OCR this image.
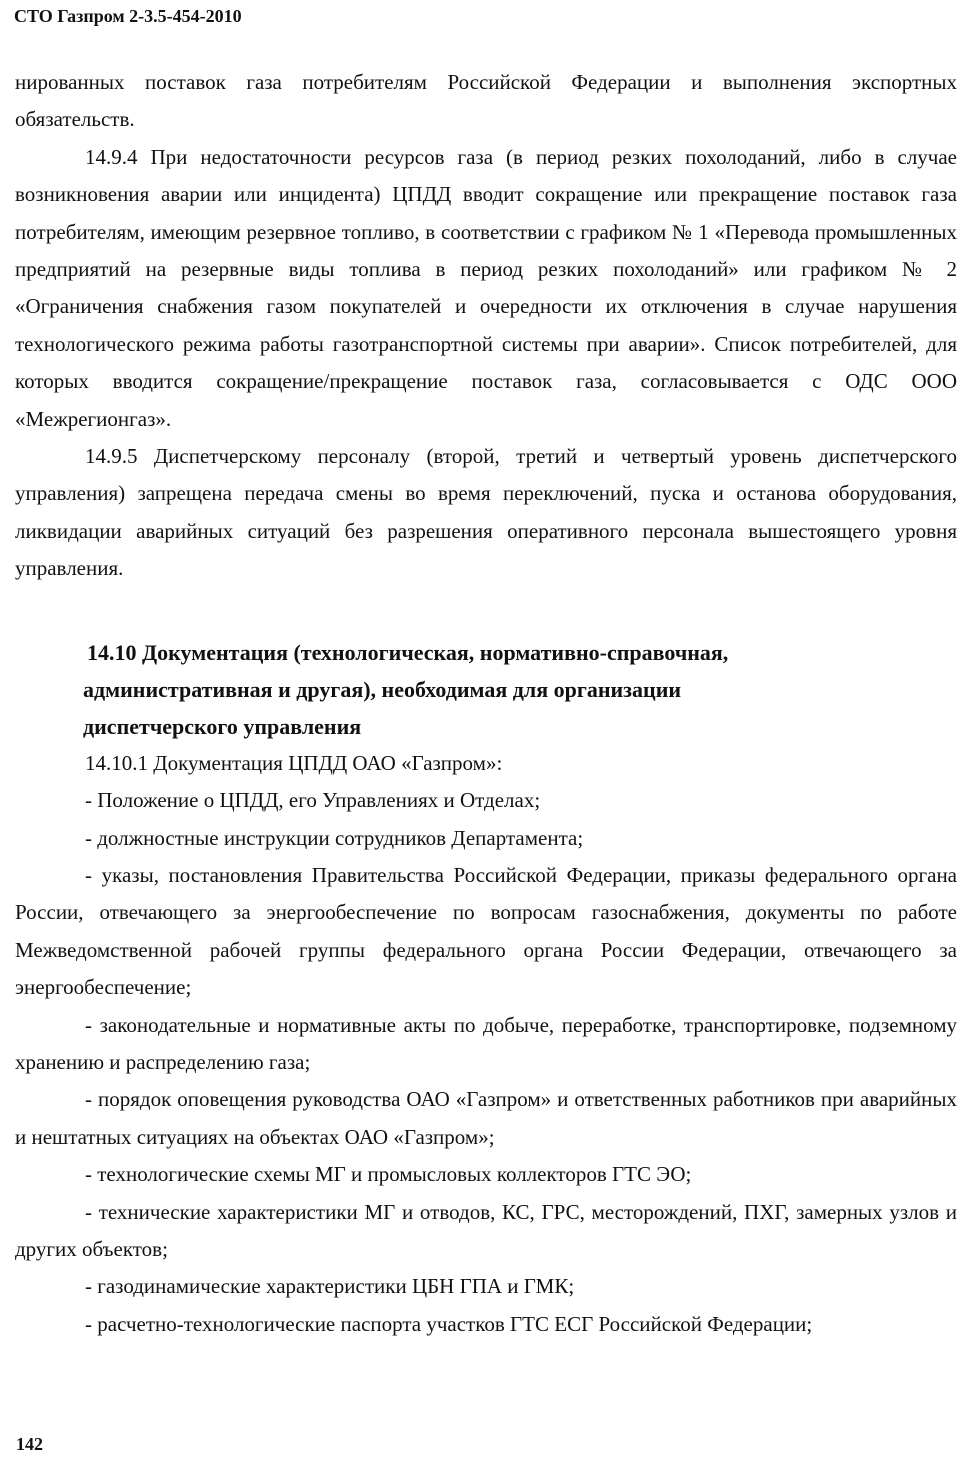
СТО Газпром 2-3.5-454-2010

нированных поставок газа потребителям Российской Федерации и выполнения экспортных обязательств.

14.9.4 При недостаточности ресурсов газа (в период резких похолоданий, либо в случае возникновения аварии или инцидента) ЦПДД вводит сокращение или прекращение поставок газа потребителям, имеющим резервное топливо, в соответствии с графиком № 1 «Перевода промышленных предприятий на резервные виды топлива в период резких похолоданий» или графиком № 2 «Ограничения снабжения газом покупателей и очередности их отключения в случае нарушения технологического режима работы газотранспортной системы при аварии». Список потребителей, для которых вводится сокращение/прекращение поставок газа, согласовывается с ОДС ООО «Межрегионгаз».

14.9.5 Диспетчерскому персоналу (второй, третий и четвертый уровень диспетчерского управления) запрещена передача смены во время переключений, пуска и останова оборудования, ликвидации аварийных ситуаций без разрешения оперативного персонала вышестоящего уровня управления.

14.10 Документация (технологическая, нормативно-справочная,
административная и другая), необходимая для организации
диспетчерского управления

14.10.1 Документация ЦПДД ОАО «Газпром»:

- Положение о ЦПДД, его Управлениях и Отделах;

- должностные инструкции сотрудников Департамента;

- указы, постановления Правительства Российской Федерации, приказы федерального органа России, отвечающего за энергообеспечение по вопросам газоснабжения, документы по работе Межведомственной рабочей группы федерального органа России Федерации, отвечающего за энергообеспечение;

- законодательные и нормативные акты по добыче, переработке, транспортировке, подземному хранению и распределению газа;

- порядок оповещения руководства ОАО «Газпром» и ответственных работников при аварийных и нештатных ситуациях на объектах ОАО «Газпром»;

- технологические схемы МГ и промысловых коллекторов ГТС ЭО;

- технические характеристики МГ и отводов, КС, ГРС, месторождений, ПХГ, замерных узлов и других объектов;

- газодинамические характеристики ЦБН ГПА и ГМК;

- расчетно-технологические паспорта участков ГТС ЕСГ Российской Федерации;

142
